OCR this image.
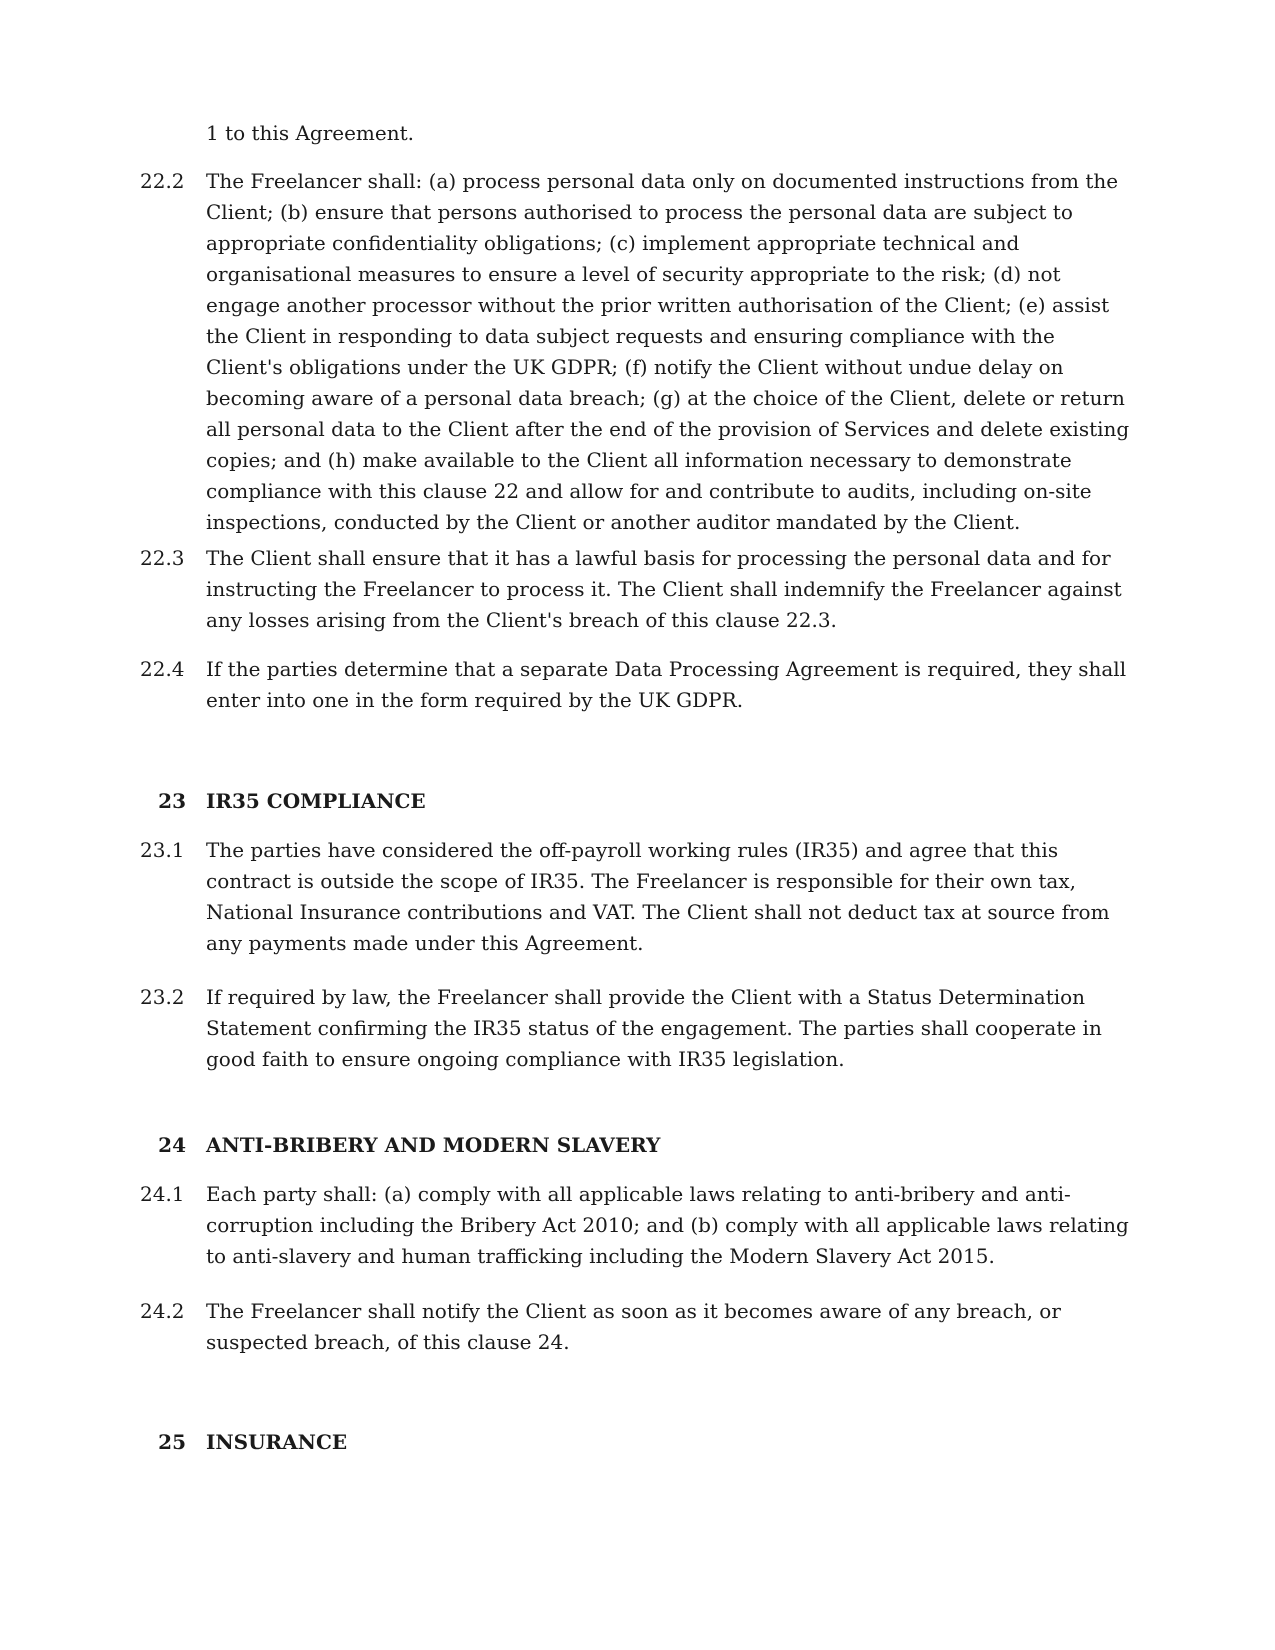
1 to this Agreement.
22.2	The Freelancer shall: (a) process personal data only on documented instructions from the Client; (b) ensure that persons authorised to process the personal data are subject to appropriate confidentiality obligations; (c) implement appropriate technical and organisational measures to ensure a level of security appropriate to the risk; (d) not engage another processor without the prior written authorisation of the Client; (e) assist the Client in responding to data subject requests and ensuring compliance with the Client's obligations under the UK GDPR; (f) notify the Client without undue delay on becoming aware of a personal data breach; (g) at the choice of the Client, delete or return all personal data to the Client after the end of the provision of Services and delete existing copies; and (h) make available to the Client all information necessary to demonstrate compliance with this clause 22 and allow for and contribute to audits, including on-site inspections, conducted by the Client or another auditor mandated by the Client.
22.3	The Client shall ensure that it has a lawful basis for processing the personal data and for instructing the Freelancer to process it. The Client shall indemnify the Freelancer against any losses arising from the Client's breach of this clause 22.3.
22.4	If the parties determine that a separate Data Processing Agreement is required, they shall enter into one in the form required by the UK GDPR.
23	IR35 COMPLIANCE
23.1	The parties have considered the off-payroll working rules (IR35) and agree that this contract is outside the scope of IR35. The Freelancer is responsible for their own tax, National Insurance contributions and VAT. The Client shall not deduct tax at source from any payments made under this Agreement.
23.2	If required by law, the Freelancer shall provide the Client with a Status Determination Statement confirming the IR35 status of the engagement. The parties shall cooperate in good faith to ensure ongoing compliance with IR35 legislation.
24	ANTI-BRIBERY AND MODERN SLAVERY
24.1	Each party shall: (a) comply with all applicable laws relating to anti-bribery and anti-corruption including the Bribery Act 2010; and (b) comply with all applicable laws relating to anti-slavery and human trafficking including the Modern Slavery Act 2015.
24.2	The Freelancer shall notify the Client as soon as it becomes aware of any breach, or suspected breach, of this clause 24.
25	INSURANCE
